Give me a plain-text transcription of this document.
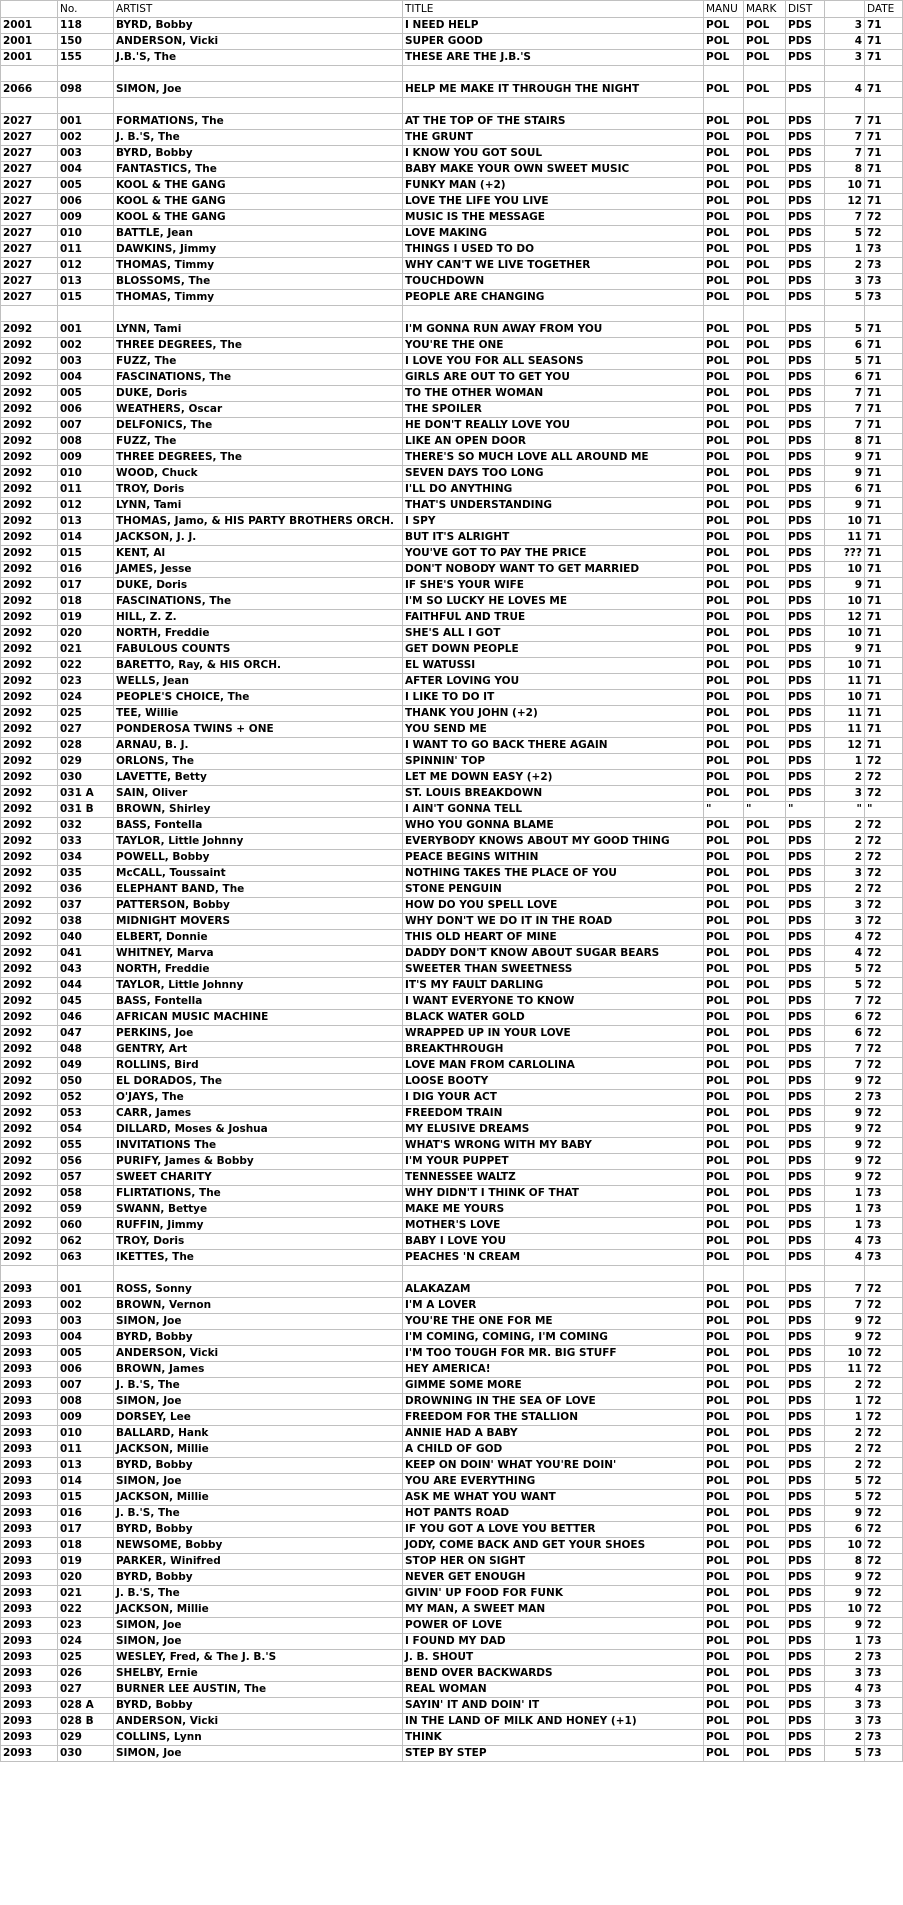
	No.	ARTIST	TITLE	MANU	MARK	DIST		DATE
2001	118	BYRD, Bobby	I NEED HELP	POL	POL	PDS	3	71
2001	150	ANDERSON, Vicki	SUPER GOOD	POL	POL	PDS	4	71
2001	155	J.B.'S, The	THESE ARE THE J.B.'S	POL	POL	PDS	3	71

2066	098	SIMON, Joe	HELP ME MAKE IT THROUGH THE NIGHT	POL	POL	PDS	4	71

2027	001	FORMATIONS, The	AT THE TOP OF THE STAIRS	POL	POL	PDS	7	71
2027	002	J. B.'S, The	THE GRUNT	POL	POL	PDS	7	71
2027	003	BYRD, Bobby	I KNOW YOU GOT SOUL	POL	POL	PDS	7	71
2027	004	FANTASTICS, The	BABY MAKE YOUR OWN SWEET MUSIC	POL	POL	PDS	8	71
2027	005	KOOL & THE GANG	FUNKY MAN (+2)	POL	POL	PDS	10	71
2027	006	KOOL & THE GANG	LOVE THE LIFE YOU LIVE	POL	POL	PDS	12	71
2027	009	KOOL & THE GANG	MUSIC IS THE MESSAGE	POL	POL	PDS	7	72
2027	010	BATTLE, Jean	LOVE MAKING	POL	POL	PDS	5	72
2027	011	DAWKINS, Jimmy	THINGS I USED TO DO	POL	POL	PDS	1	73
2027	012	THOMAS, Timmy	WHY CAN'T WE LIVE TOGETHER	POL	POL	PDS	2	73
2027	013	BLOSSOMS, The	TOUCHDOWN	POL	POL	PDS	3	73
2027	015	THOMAS, Timmy	PEOPLE ARE CHANGING	POL	POL	PDS	5	73

2092	001	LYNN, Tami	I'M GONNA RUN AWAY FROM YOU	POL	POL	PDS	5	71
2092	002	THREE DEGREES, The	YOU'RE THE ONE	POL	POL	PDS	6	71
2092	003	FUZZ, The	I LOVE YOU FOR ALL SEASONS	POL	POL	PDS	5	71
2092	004	FASCINATIONS, The	GIRLS ARE OUT TO GET YOU	POL	POL	PDS	6	71
2092	005	DUKE, Doris	TO THE OTHER WOMAN	POL	POL	PDS	7	71
2092	006	WEATHERS, Oscar	THE SPOILER	POL	POL	PDS	7	71
2092	007	DELFONICS, The	HE DON'T REALLY LOVE YOU	POL	POL	PDS	7	71
2092	008	FUZZ, The	LIKE AN OPEN DOOR	POL	POL	PDS	8	71
2092	009	THREE DEGREES, The	THERE'S SO MUCH LOVE ALL AROUND ME	POL	POL	PDS	9	71
2092	010	WOOD, Chuck	SEVEN DAYS TOO LONG	POL	POL	PDS	9	71
2092	011	TROY, Doris	I'LL DO ANYTHING	POL	POL	PDS	6	71
2092	012	LYNN, Tami	THAT'S UNDERSTANDING	POL	POL	PDS	9	71
2092	013	THOMAS, Jamo, & HIS PARTY BROTHERS ORCH.	I SPY	POL	POL	PDS	10	71
2092	014	JACKSON, J. J.	BUT IT'S ALRIGHT	POL	POL	PDS	11	71
2092	015	KENT, Al	YOU'VE GOT TO PAY THE PRICE	POL	POL	PDS	???	71
2092	016	JAMES, Jesse	DON'T NOBODY WANT TO GET MARRIED	POL	POL	PDS	10	71
2092	017	DUKE, Doris	IF SHE'S YOUR WIFE	POL	POL	PDS	9	71
2092	018	FASCINATIONS, The	I'M SO LUCKY HE LOVES ME	POL	POL	PDS	10	71
2092	019	HILL, Z. Z.	FAITHFUL AND TRUE	POL	POL	PDS	12	71
2092	020	NORTH, Freddie	SHE'S ALL I GOT	POL	POL	PDS	10	71
2092	021	FABULOUS COUNTS	GET DOWN PEOPLE	POL	POL	PDS	9	71
2092	022	BARETTO, Ray, & HIS ORCH.	EL WATUSSI	POL	POL	PDS	10	71
2092	023	WELLS, Jean	AFTER LOVING YOU	POL	POL	PDS	11	71
2092	024	PEOPLE'S CHOICE, The	I LIKE TO DO IT	POL	POL	PDS	10	71
2092	025	TEE, Willie	THANK YOU JOHN (+2)	POL	POL	PDS	11	71
2092	027	PONDEROSA TWINS + ONE	YOU SEND ME	POL	POL	PDS	11	71
2092	028	ARNAU, B. J.	I WANT TO GO BACK THERE AGAIN	POL	POL	PDS	12	71
2092	029	ORLONS, The	SPINNIN' TOP	POL	POL	PDS	1	72
2092	030	LAVETTE, Betty	LET ME DOWN EASY (+2)	POL	POL	PDS	2	72
2092	031 A	SAIN, Oliver	ST. LOUIS BREAKDOWN	POL	POL	PDS	3	72
2092	031 B	BROWN, Shirley	I AIN'T GONNA TELL	"	"	"	"	"
2092	032	BASS, Fontella	WHO YOU GONNA BLAME	POL	POL	PDS	2	72
2092	033	TAYLOR, Little Johnny	EVERYBODY KNOWS ABOUT MY GOOD THING	POL	POL	PDS	2	72
2092	034	POWELL, Bobby	PEACE BEGINS WITHIN	POL	POL	PDS	2	72
2092	035	McCALL, Toussaint	NOTHING TAKES THE PLACE OF YOU	POL	POL	PDS	3	72
2092	036	ELEPHANT BAND, The	STONE PENGUIN	POL	POL	PDS	2	72
2092	037	PATTERSON, Bobby	HOW DO YOU SPELL LOVE	POL	POL	PDS	3	72
2092	038	MIDNIGHT MOVERS	WHY DON'T WE DO IT IN THE ROAD	POL	POL	PDS	3	72
2092	040	ELBERT, Donnie	THIS OLD HEART OF MINE	POL	POL	PDS	4	72
2092	041	WHITNEY, Marva	DADDY DON'T KNOW ABOUT SUGAR BEARS	POL	POL	PDS	4	72
2092	043	NORTH, Freddie	SWEETER THAN SWEETNESS	POL	POL	PDS	5	72
2092	044	TAYLOR, Little Johnny	IT'S MY FAULT DARLING	POL	POL	PDS	5	72
2092	045	BASS, Fontella	I WANT EVERYONE TO KNOW	POL	POL	PDS	7	72
2092	046	AFRICAN MUSIC MACHINE	BLACK WATER GOLD	POL	POL	PDS	6	72
2092	047	PERKINS, Joe	WRAPPED UP IN YOUR LOVE	POL	POL	PDS	6	72
2092	048	GENTRY, Art	BREAKTHROUGH	POL	POL	PDS	7	72
2092	049	ROLLINS, Bird	LOVE MAN FROM CARLOLINA	POL	POL	PDS	7	72
2092	050	EL DORADOS, The	LOOSE BOOTY	POL	POL	PDS	9	72
2092	052	O'JAYS, The	I DIG YOUR ACT	POL	POL	PDS	2	73
2092	053	CARR, James	FREEDOM TRAIN	POL	POL	PDS	9	72
2092	054	DILLARD, Moses & Joshua	MY ELUSIVE DREAMS	POL	POL	PDS	9	72
2092	055	INVITATIONS The	WHAT'S WRONG WITH MY BABY	POL	POL	PDS	9	72
2092	056	PURIFY, James & Bobby	I'M YOUR PUPPET	POL	POL	PDS	9	72
2092	057	SWEET CHARITY	TENNESSEE WALTZ	POL	POL	PDS	9	72
2092	058	FLIRTATIONS, The	WHY DIDN'T I THINK OF THAT	POL	POL	PDS	1	73
2092	059	SWANN, Bettye	MAKE ME YOURS	POL	POL	PDS	1	73
2092	060	RUFFIN, Jimmy	MOTHER'S LOVE	POL	POL	PDS	1	73
2092	062	TROY, Doris	BABY I LOVE YOU	POL	POL	PDS	4	73
2092	063	IKETTES, The	PEACHES 'N CREAM	POL	POL	PDS	4	73

2093	001	ROSS, Sonny	ALAKAZAM	POL	POL	PDS	7	72
2093	002	BROWN, Vernon	I'M A LOVER	POL	POL	PDS	7	72
2093	003	SIMON, Joe	YOU'RE THE ONE FOR ME	POL	POL	PDS	9	72
2093	004	BYRD, Bobby	I'M COMING, COMING, I'M COMING	POL	POL	PDS	9	72
2093	005	ANDERSON, Vicki	I'M TOO TOUGH FOR MR. BIG STUFF	POL	POL	PDS	10	72
2093	006	BROWN, James	HEY AMERICA!	POL	POL	PDS	11	72
2093	007	J. B.'S, The	GIMME SOME MORE	POL	POL	PDS	2	72
2093	008	SIMON, Joe	DROWNING IN THE SEA OF LOVE	POL	POL	PDS	1	72
2093	009	DORSEY, Lee	FREEDOM FOR THE STALLION	POL	POL	PDS	1	72
2093	010	BALLARD, Hank	ANNIE HAD A BABY	POL	POL	PDS	2	72
2093	011	JACKSON, Millie	A CHILD OF GOD	POL	POL	PDS	2	72
2093	013	BYRD, Bobby	KEEP ON DOIN' WHAT YOU'RE DOIN'	POL	POL	PDS	2	72
2093	014	SIMON, Joe	YOU ARE EVERYTHING	POL	POL	PDS	5	72
2093	015	JACKSON, Millie	ASK ME WHAT YOU WANT	POL	POL	PDS	5	72
2093	016	J. B.'S, The	HOT PANTS ROAD	POL	POL	PDS	9	72
2093	017	BYRD, Bobby	IF YOU GOT A LOVE YOU BETTER	POL	POL	PDS	6	72
2093	018	NEWSOME, Bobby	JODY, COME BACK AND GET YOUR SHOES	POL	POL	PDS	10	72
2093	019	PARKER, Winifred	STOP HER ON SIGHT	POL	POL	PDS	8	72
2093	020	BYRD, Bobby	NEVER GET ENOUGH	POL	POL	PDS	9	72
2093	021	J. B.'S, The	GIVIN' UP FOOD FOR FUNK	POL	POL	PDS	9	72
2093	022	JACKSON, Millie	MY MAN, A SWEET MAN	POL	POL	PDS	10	72
2093	023	SIMON, Joe	POWER OF LOVE	POL	POL	PDS	9	72
2093	024	SIMON, Joe	I FOUND MY DAD	POL	POL	PDS	1	73
2093	025	WESLEY, Fred, & The J. B.'S	J. B. SHOUT	POL	POL	PDS	2	73
2093	026	SHELBY, Ernie	BEND OVER BACKWARDS	POL	POL	PDS	3	73
2093	027	BURNER LEE AUSTIN, The	REAL WOMAN	POL	POL	PDS	4	73
2093	028 A	BYRD, Bobby	SAYIN' IT AND DOIN' IT	POL	POL	PDS	3	73
2093	028 B	ANDERSON, Vicki	IN THE LAND OF MILK AND HONEY (+1)	POL	POL	PDS	3	73
2093	029	COLLINS, Lynn	THINK	POL	POL	PDS	2	73
2093	030	SIMON, Joe	STEP BY STEP	POL	POL	PDS	5	73
